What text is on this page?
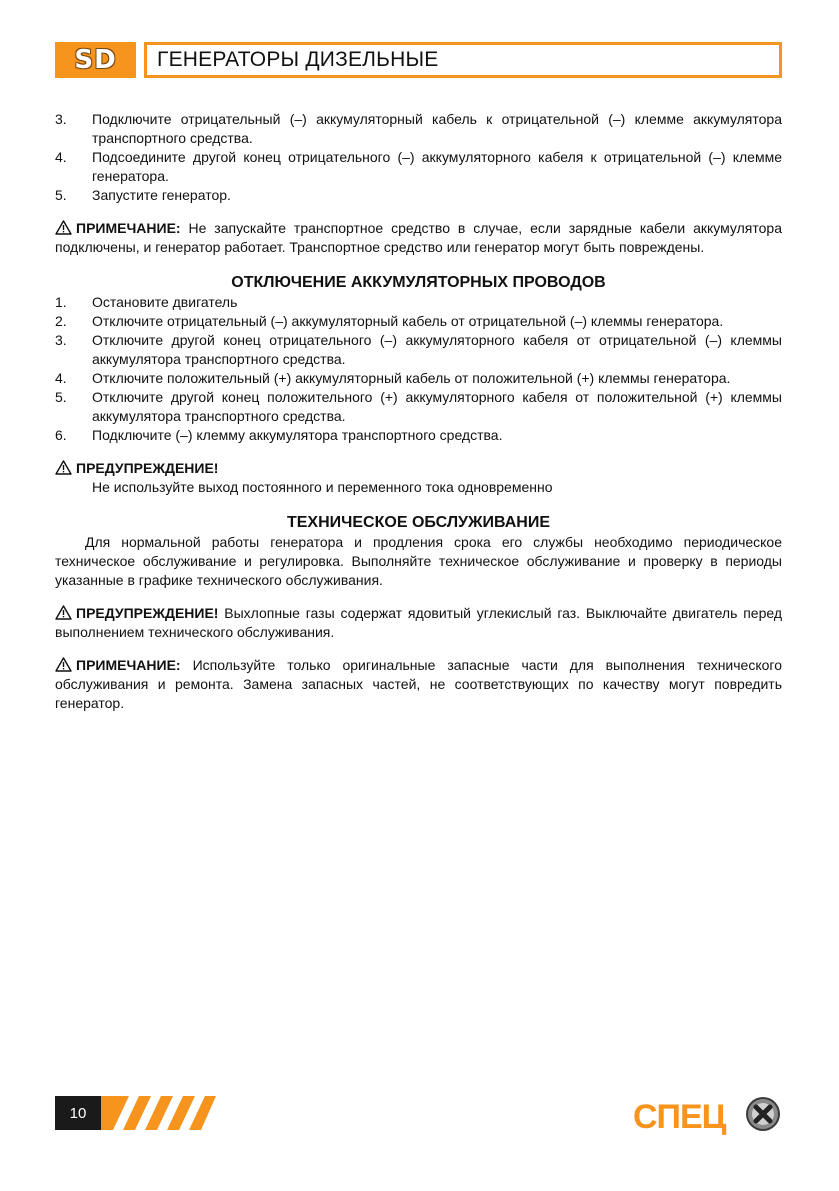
SD ГЕНЕРАТОРЫ ДИЗЕЛЬНЫЕ
3.	Подключите отрицательный (–) аккумуляторный кабель к отрицательной (–) клемме аккумулятора транспортного средства.
4.	Подсоедините другой конец отрицательного (–) аккумуляторного кабеля к отрицательной (–) клемме генератора.
5.	Запустите генератор.

ПРИМЕЧАНИЕ: Не запускайте транспортное средство в случае, если зарядные кабели аккумулятора подключены, и генератор работает. Транспортное средство или генератор могут быть повреждены.

ОТКЛЮЧЕНИЕ АККУМУЛЯТОРНЫХ ПРОВОДОВ
1.	Остановите двигатель
2.	Отключите отрицательный (–) аккумуляторный кабель от отрицательной (–) клеммы генератора.
3.	Отключите другой конец отрицательного (–) аккумуляторного кабеля от отрицательной (–) клеммы аккумулятора транспортного средства.
4.	Отключите положительный (+) аккумуляторный кабель от положительной (+) клеммы генератора.
5.	Отключите другой конец положительного (+) аккумуляторного кабеля от положительной (+) клеммы аккумулятора транспортного средства.
6.	Подключите (–) клемму аккумулятора транспортного средства.
ПРЕДУПРЕЖДЕНИЕ!
Не используйте выход постоянного и переменного тока одновременно
ТЕХНИЧЕСКОЕ ОБСЛУЖИВАНИЕ

Для нормальной работы генератора и продления срока его службы необходимо периодическое техническое обслуживание и регулировка. Выполняйте техническое обслуживание и проверку в периоды указанные в графике технического обслуживания.

ПРЕДУПРЕЖДЕНИЕ! Выхлопные газы содержат ядовитый углекислый газ. Выключайте двигатель перед выполнением технического обслуживания.

ПРИМЕЧАНИЕ: Используйте только оригинальные запасные части для выполнения технического обслуживания и ремонта. Замена запасных частей, не соответствующих по качеству могут повредить генератор.

10	СПЕЦ
